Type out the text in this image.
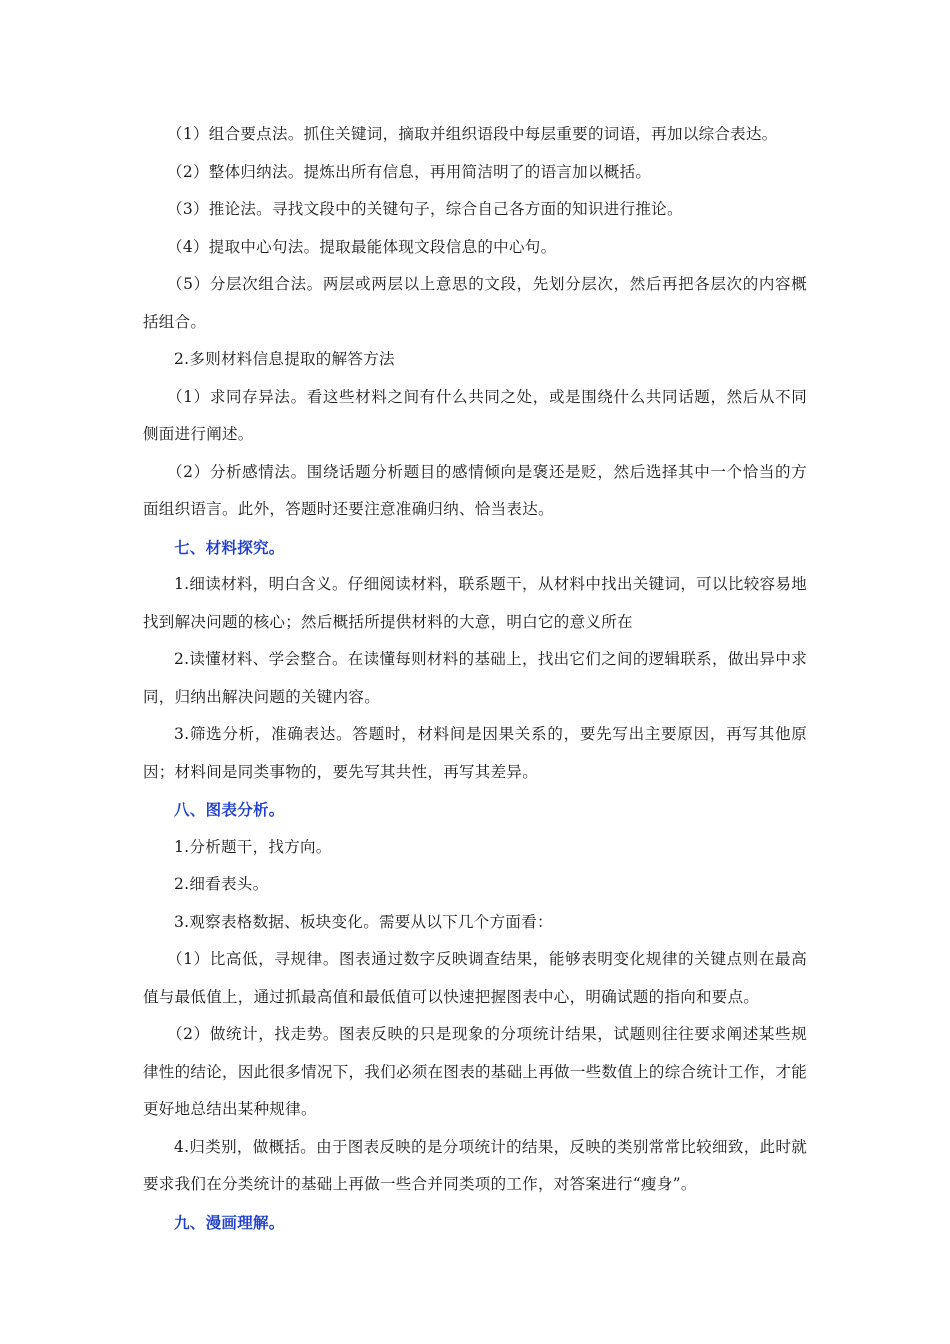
（1）组合要点法。抓住关键词，摘取并组织语段中每层重要的词语，再加以综合表达。

（2）整体归纳法。提炼出所有信息，再用简洁明了的语言加以概括。

（3）推论法。寻找文段中的关键句子，综合自己各方面的知识进行推论。

（4）提取中心句法。提取最能体现文段信息的中心句。

（5）分层次组合法。两层或两层以上意思的文段，先划分层次，然后再把各层次的内容概括组合。

2.多则材料信息提取的解答方法

（1）求同存异法。看这些材料之间有什么共同之处，或是围绕什么共同话题，然后从不同侧面进行阐述。

（2）分析感情法。围绕话题分析题目的感情倾向是褒还是贬，然后选择其中一个恰当的方面组织语言。此外，答题时还要注意准确归纳、恰当表达。

七、材料探究。

1.细读材料，明白含义。仔细阅读材料，联系题干，从材料中找出关键词，可以比较容易地找到解决问题的核心；然后概括所提供材料的大意，明白它的意义所在

2.读懂材料、学会整合。在读懂每则材料的基础上，找出它们之间的逻辑联系，做出异中求同，归纳出解决问题的关键内容。

3.筛选分析，准确表达。答题时，材料间是因果关系的，要先写出主要原因，再写其他原因；材料间是同类事物的，要先写其共性，再写其差异。

八、图表分析。

1.分析题干，找方向。

2.细看表头。

3.观察表格数据、板块变化。需要从以下几个方面看：

（1）比高低，寻规律。图表通过数字反映调查结果，能够表明变化规律的关键点则在最高值与最低值上，通过抓最高值和最低值可以快速把握图表中心，明确试题的指向和要点。

（2）做统计，找走势。图表反映的只是现象的分项统计结果，试题则往往要求阐述某些规律性的结论，因此很多情况下，我们必须在图表的基础上再做一些数值上的综合统计工作，才能更好地总结出某种规律。

4.归类别，做概括。由于图表反映的是分项统计的结果，反映的类别常常比较细致，此时就要求我们在分类统计的基础上再做一些合并同类项的工作，对答案进行“瘦身”。

九、漫画理解。
